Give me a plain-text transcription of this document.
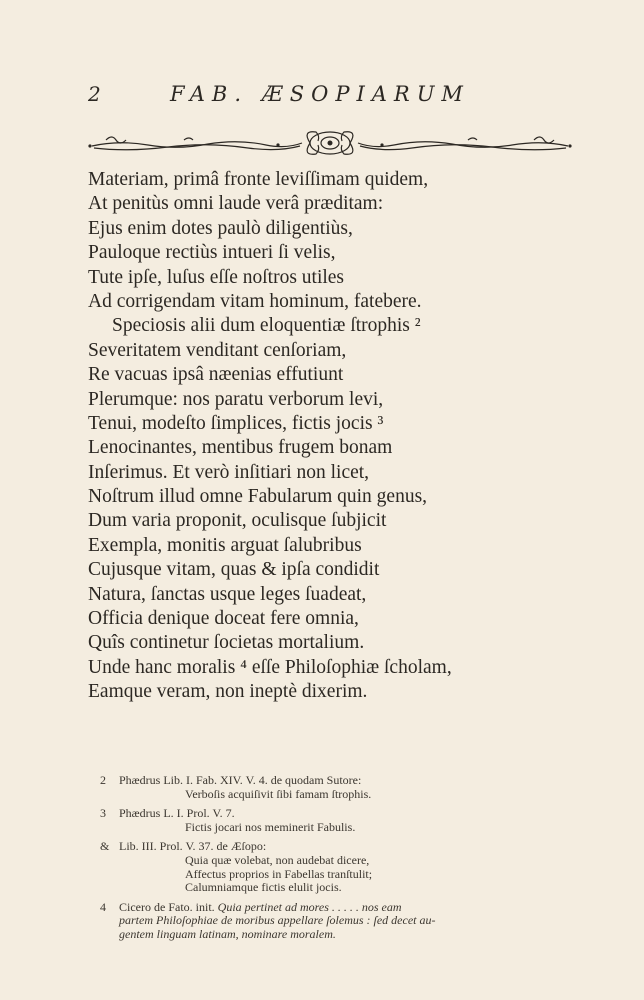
2	FAB. ÆSOPIARUM
Materiam, primâ fronte leviſſimam quidem,
At penitùs omni laude verâ præditam:
Ejus enim dotes paulò diligentiùs,
Pauloque rectiùs intueri ſi velis,
Tute ipſe, luſus eſſe noſtros utiles
Ad corrigendam vitam hominum, fatebere.
Speciosis alii dum eloquentiæ ſtrophis ²
Severitatem venditant cenſoriam,
Re vacuas ipsâ næenias effutiunt
Plerumque: nos paratu verborum levi,
Tenui, modeſto ſimplices, fictis jocis ³
Lenocinantes, mentibus frugem bonam
Inſerimus. Et verò inſitiari non licet,
Noſtrum illud omne Fabularum quin genus,
Dum varia proponit, oculisque ſubjicit
Exempla, monitis arguat ſalubribus
Cujusque vitam, quas & ipſa condidit
Natura, ſanctas usque leges ſuadeat,
Officia denique doceat fere omnia,
Quîs continetur ſocietas mortalium.
Unde hanc moralis ⁴ eſſe Philoſophiæ ſcholam,
Eamque veram, non ineptè dixerim.
2 Phædrus Lib. I. Fab. XIV. V. 4. de quodam Sutore:
Verboſis acquiſivit ſibi famam ſtrophis.
3 Phædrus L. I. Prol. V. 7.
Fictis jocari nos meminerit Fabulis.
& Lib. III. Prol. V. 37. de Æſopo:
Quia quæ volebat, non audebat dicere,
Affectus proprios in Fabellas tranſtulit;
Calumniamque fictis elulit jocis.
4 Cicero de Fato. init. Quia pertinet ad mores . . . . . nos eam
partem Philoſophiae de moribus appellare ſolemus : ſed decet au-
gentem linguam latinam, nominare moralem.
